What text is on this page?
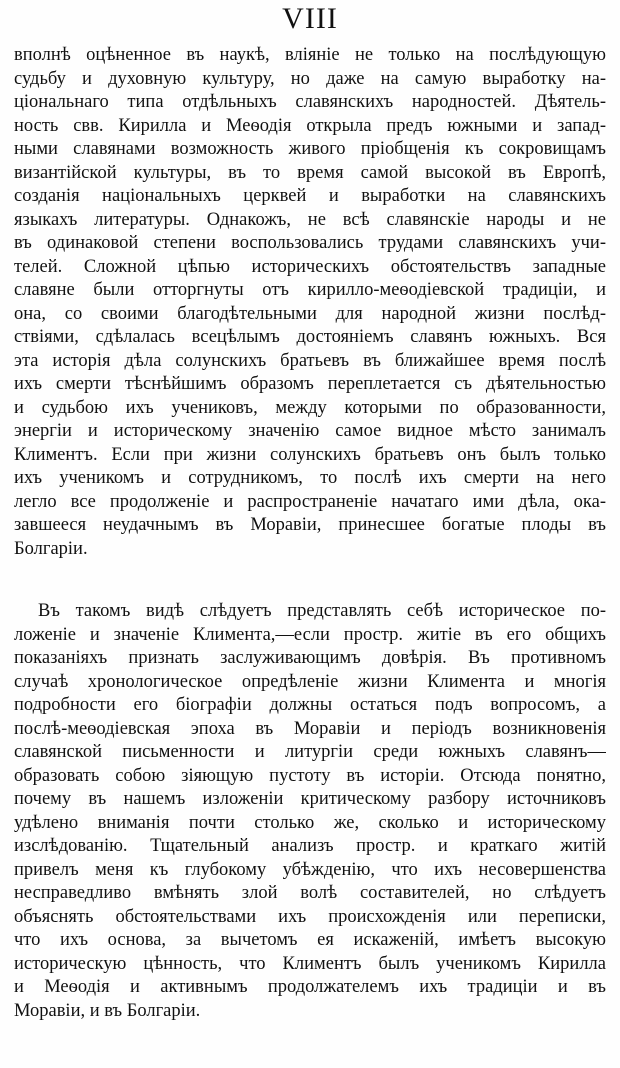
VIII
вполнѣ оцѣненное въ наукѣ, вліяніе не только на послѣдующую
судьбу и духовную культуру, но даже на самую выработку на-
ціональнаго типа отдѣльныхъ славянскихъ народностей. Дѣятель-
ность свв. Кирилла и Меѳодія открыла предъ южными и запад-
ными славянами возможность живого пріобщенія къ сокровищамъ
византійской культуры, въ то время самой высокой въ Европѣ,
созданія національныхъ церквей и выработки на славянскихъ
языкахъ литературы. Однакожъ, не всѣ славянскіе народы и не
въ одинаковой степени воспользовались трудами славянскихъ учи-
телей. Сложной цѣпью историческихъ обстоятельствъ западные
славяне были отторгнуты отъ кирилло-меѳодіевской традиціи, и
она, со своими благодѣтельными для народной жизни послѣд-
ствіями, сдѣлалась всецѣлымъ достояніемъ славянъ южныхъ. Вся
эта исторія дѣла солунскихъ братьевъ въ ближайшее время послѣ
ихъ смерти тѣснѣйшимъ образомъ переплетается съ дѣятельностью
и судьбою ихъ учениковъ, между которыми по образованности,
энергіи и историческому значенію самое видное мѣсто занималъ
Климентъ. Если при жизни солунскихъ братьевъ онъ былъ только
ихъ ученикомъ и сотрудникомъ, то послѣ ихъ смерти на него
легло все продолженіе и распространеніе начатаго ими дѣла, ока-
завшееся неудачнымъ въ Моравіи, принесшее богатые плоды въ
Болгаріи.
Въ такомъ видѣ слѣдуетъ представлять себѣ историческое по-
ложеніе и значеніе Климента,—если простр. житіе въ его общихъ
показаніяхъ признать заслуживающимъ довѣрія. Въ противномъ
случаѣ хронологическое опредѣленіе жизни Климента и многія
подробности его біографіи должны остаться подъ вопросомъ, а
послѣ-меѳодіевская эпоха въ Моравіи и періодъ возникновенія
славянской письменности и литургіи среди южныхъ славянъ—
образовать собою зіяющую пустоту въ исторіи. Отсюда понятно,
почему въ нашемъ изложеніи критическому разбору источниковъ
удѣлено вниманія почти столько же, сколько и историческому
изслѣдованію. Тщательный анализъ простр. и краткаго житій
привелъ меня къ глубокому убѣжденію, что ихъ несовершенства
несправедливо вмѣнять злой волѣ составителей, но слѣдуетъ
объяснять обстоятельствами ихъ происхожденія или переписки,
что ихъ основа, за вычетомъ ея искаженій, имѣетъ высокую
историческую цѣнность, что Климентъ былъ ученикомъ Кирилла
и Меѳодія и активнымъ продолжателемъ ихъ традиціи и въ
Моравіи, и въ Болгаріи.
